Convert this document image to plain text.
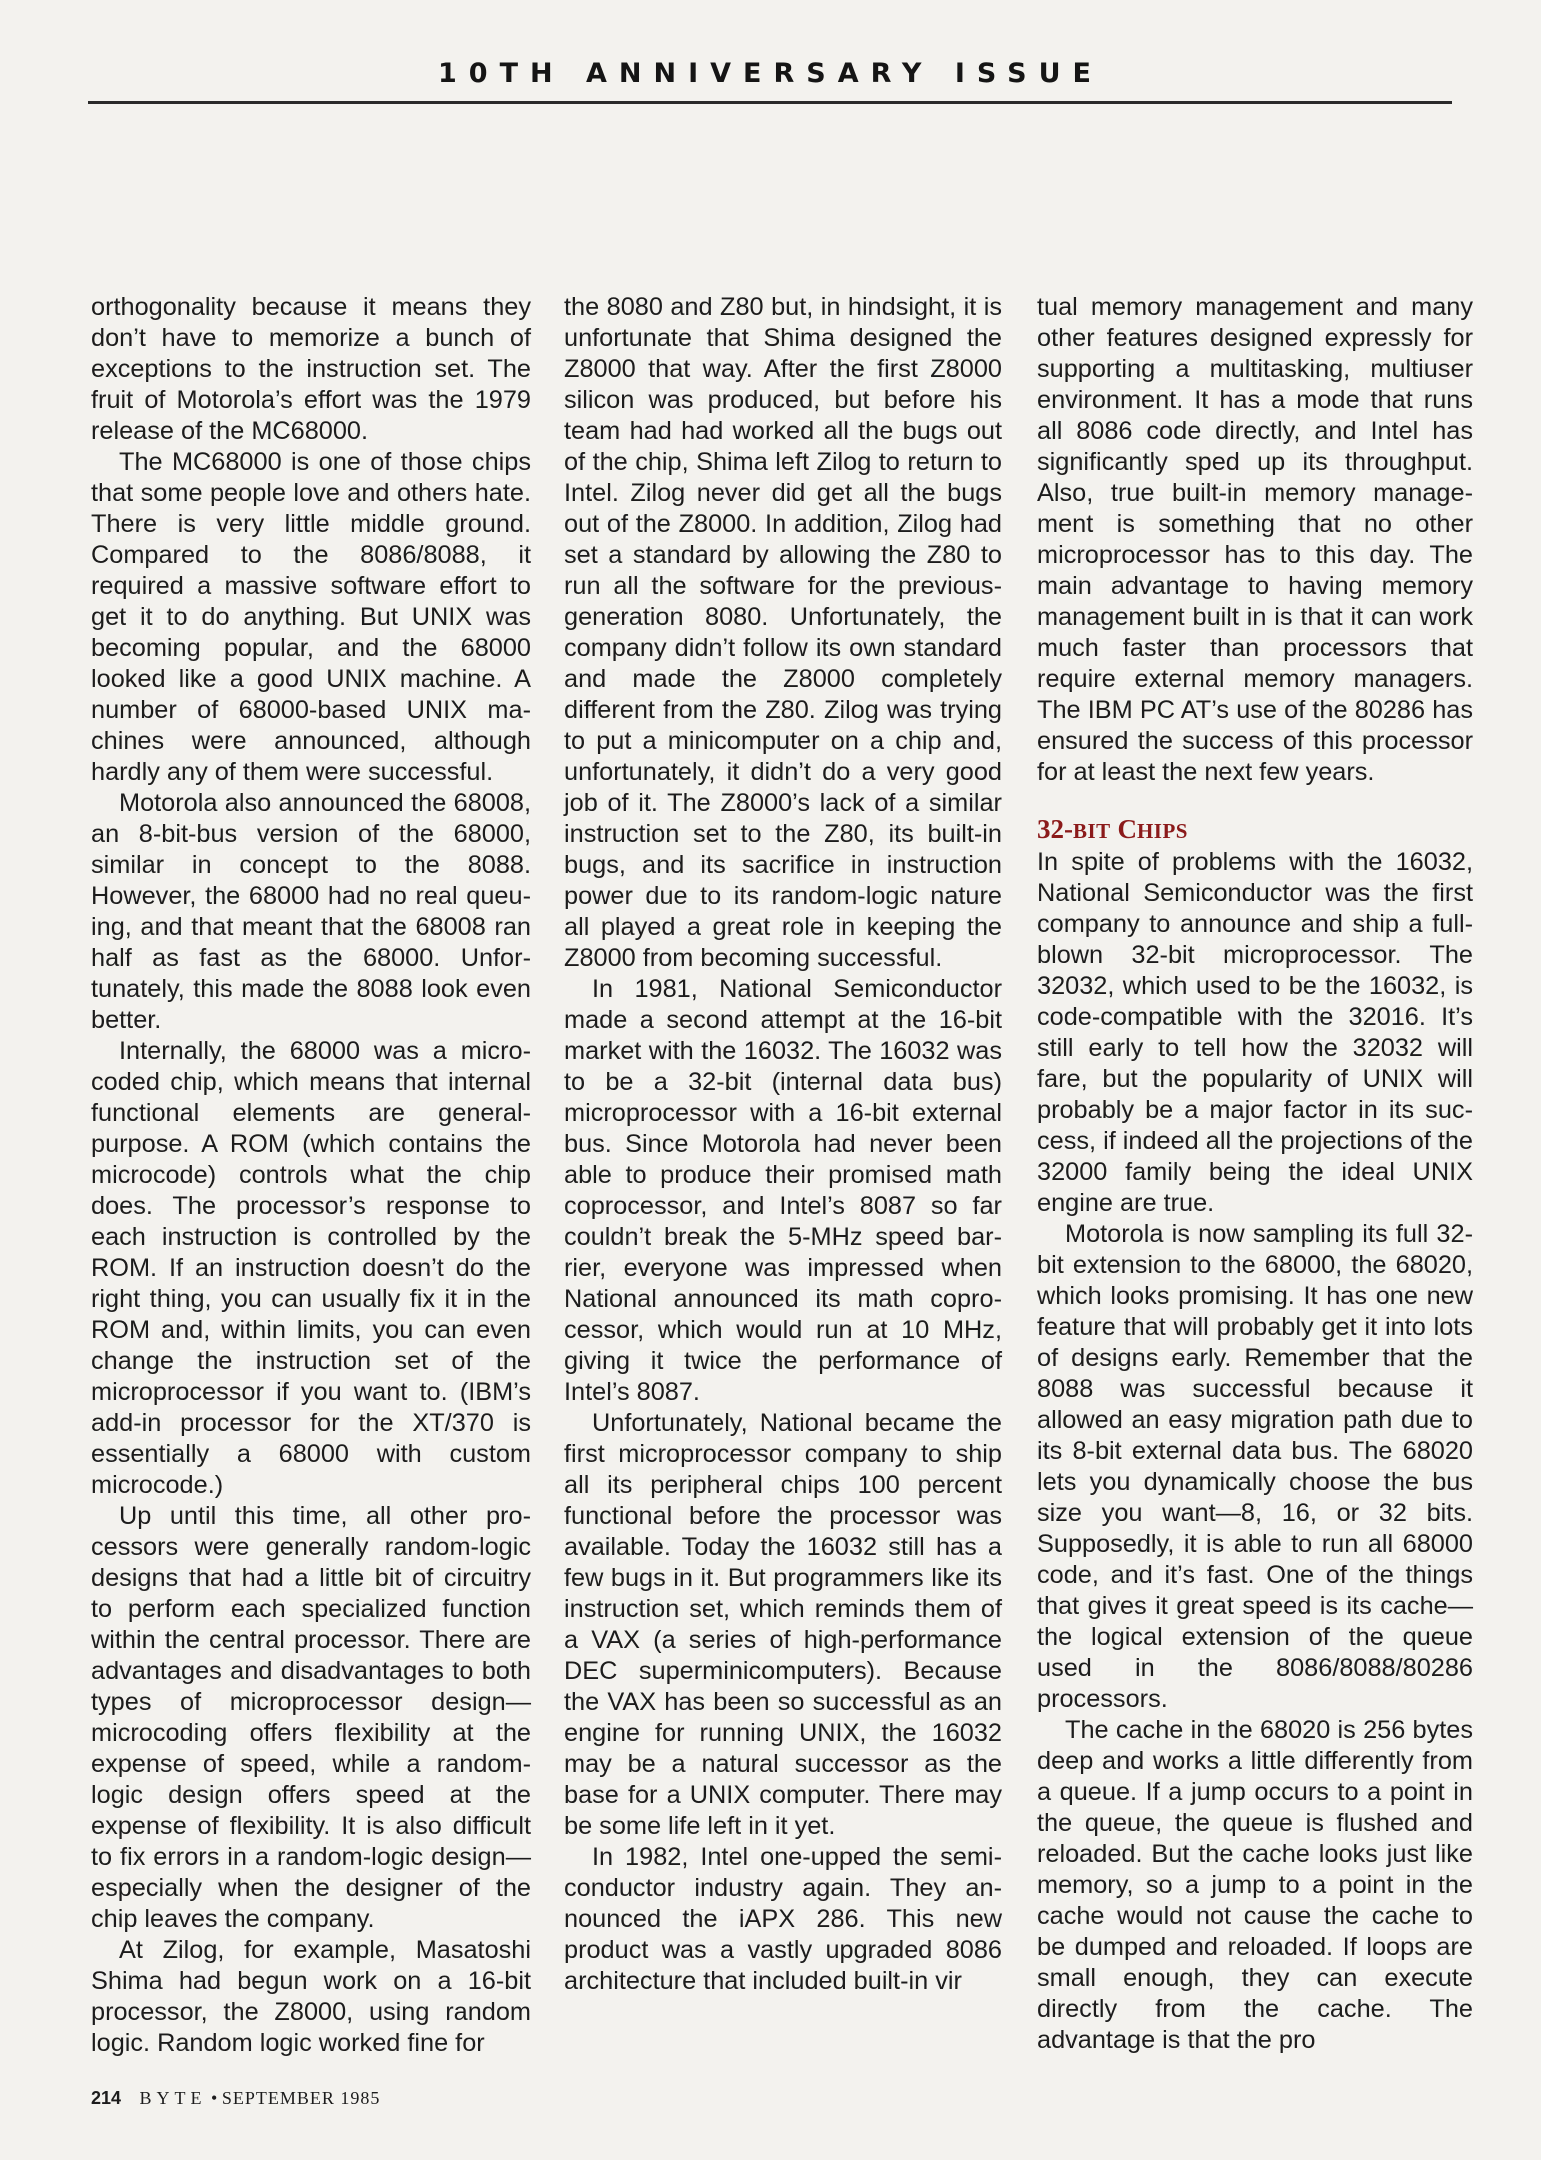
10TH ANNIVERSARY ISSUE

orthogonality because it means they don’t have to memorize a bunch of exceptions to the instruction set. The fruit of Motorola’s effort was the 1979 release of the MC68000.

The MC68000 is one of those chips that some people love and others hate. There is very little middle ground. Compared to the 8086/8088, it required a massive software effort to get it to do anything. But UNIX was becoming popular, and the 68000 looked like a good UNIX machine. A number of 68000-based UNIX machines were announced, although hardly any of them were successful.

Motorola also announced the 68008, an 8-bit-bus version of the 68000, similar in concept to the 8088. However, the 68000 had no real queuing, and that meant that the 68008 ran half as fast as the 68000. Unfortunately, this made the 8088 look even better.

Internally, the 68000 was a microcoded chip, which means that internal functional elements are general-purpose. A ROM (which contains the microcode) controls what the chip does. The processor’s response to each instruction is controlled by the ROM. If an instruction doesn’t do the right thing, you can usually fix it in the ROM and, within limits, you can even change the instruction set of the microprocessor if you want to. (IBM’s add-in processor for the XT/370 is essentially a 68000 with custom microcode.)

Up until this time, all other processors were generally random-logic designs that had a little bit of circuitry to perform each specialized function within the central processor. There are advantages and disadvantages to both types of microprocessor design—microcoding offers flexibility at the expense of speed, while a random-logic design offers speed at the expense of flexibility. It is also difficult to fix errors in a random-logic design—especially when the designer of the chip leaves the company.

At Zilog, for example, Masatoshi Shima had begun work on a 16-bit processor, the Z8000, using random logic. Random logic worked fine for

the 8080 and Z80 but, in hindsight, it is unfortunate that Shima designed the Z8000 that way. After the first Z8000 silicon was produced, but before his team had had worked all the bugs out of the chip, Shima left Zilog to return to Intel. Zilog never did get all the bugs out of the Z8000. In addition, Zilog had set a standard by allowing the Z80 to run all the software for the previous-generation 8080. Unfortunately, the company didn’t follow its own standard and made the Z8000 completely different from the Z80. Zilog was trying to put a minicomputer on a chip and, unfortunately, it didn’t do a very good job of it. The Z8000’s lack of a similar instruction set to the Z80, its built-in bugs, and its sacrifice in instruction power due to its random-logic nature all played a great role in keeping the Z8000 from becoming successful.

In 1981, National Semiconductor made a second attempt at the 16-bit market with the 16032. The 16032 was to be a 32-bit (internal data bus) microprocessor with a 16-bit external bus. Since Motorola had never been able to produce their promised math coprocessor, and Intel’s 8087 so far couldn’t break the 5-MHz speed barrier, everyone was impressed when National announced its math coprocessor, which would run at 10 MHz, giving it twice the performance of Intel’s 8087.

Unfortunately, National became the first microprocessor company to ship all its peripheral chips 100 percent functional before the processor was available. Today the 16032 still has a few bugs in it. But programmers like its instruction set, which reminds them of a VAX (a series of high-performance DEC superminicomputers). Because the VAX has been so successful as an engine for running UNIX, the 16032 may be a natural successor as the base for a UNIX computer. There may be some life left in it yet.

In 1982, Intel one-upped the semiconductor industry again. They announced the iAPX 286. This new product was a vastly upgraded 8086 architecture that included built-in vir

tual memory management and many other features designed expressly for supporting a multitasking, multiuser environment. It has a mode that runs all 8086 code directly, and Intel has significantly sped up its throughput. Also, true built-in memory management is something that no other microprocessor has to this day. The main advantage to having memory management built in is that it can work much faster than processors that require external memory managers. The IBM PC AT’s use of the 80286 has ensured the success of this processor for at least the next few years.

32-BIT CHIPS

In spite of problems with the 16032, National Semiconductor was the first company to announce and ship a full-blown 32-bit microprocessor. The 32032, which used to be the 16032, is code-compatible with the 32016. It’s still early to tell how the 32032 will fare, but the popularity of UNIX will probably be a major factor in its success, if indeed all the projections of the 32000 family being the ideal UNIX engine are true.

Motorola is now sampling its full 32-bit extension to the 68000, the 68020, which looks promising. It has one new feature that will probably get it into lots of designs early. Remember that the 8088 was successful because it allowed an easy migration path due to its 8-bit external data bus. The 68020 lets you dynamically choose the bus size you want—8, 16, or 32 bits. Supposedly, it is able to run all 68000 code, and it’s fast. One of the things that gives it great speed is its cache—the logical extension of the queue used in the 8086/8088/80286 processors.

The cache in the 68020 is 256 bytes deep and works a little differently from a queue. If a jump occurs to a point in the queue, the queue is flushed and reloaded. But the cache looks just like memory, so a jump to a point in the cache would not cause the cache to be dumped and reloaded. If loops are small enough, they can execute directly from the cache. The advantage is that the pro

214 BYTE • SEPTEMBER 1985
